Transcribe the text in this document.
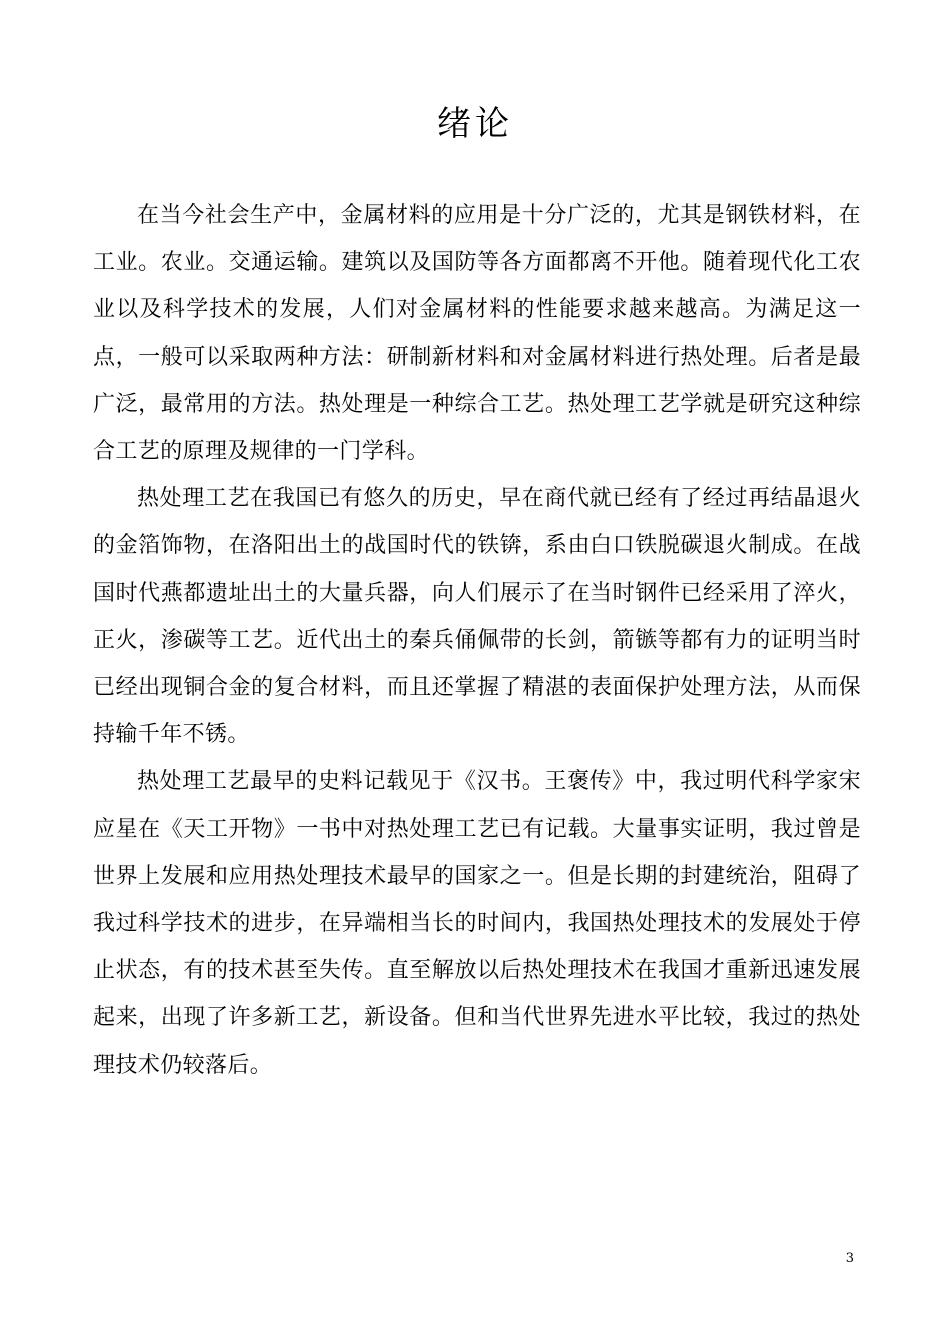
绪论

在当今社会生产中，金属材料的应用是十分广泛的，尤其是钢铁材料，在工业。农业。交通运输。建筑以及国防等各方面都离不开他。随着现代化工农业以及科学技术的发展，人们对金属材料的性能要求越来越高。为满足这一点，一般可以采取两种方法：研制新材料和对金属材料进行热处理。后者是最广泛，最常用的方法。热处理是一种综合工艺。热处理工艺学就是研究这种综合工艺的原理及规律的一门学科。

热处理工艺在我国已有悠久的历史，早在商代就已经有了经过再结晶退火的金箔饰物，在洛阳出土的战国时代的铁锛，系由白口铁脱碳退火制成。在战国时代燕都遗址出土的大量兵器，向人们展示了在当时钢件已经采用了淬火，正火，渗碳等工艺。近代出土的秦兵俑佩带的长剑，箭镞等都有力的证明当时已经出现铜合金的复合材料，而且还掌握了精湛的表面保护处理方法，从而保持输千年不锈。

热处理工艺最早的史料记载见于《汉书。王褒传》中，我过明代科学家宋应星在《天工开物》一书中对热处理工艺已有记载。大量事实证明，我过曾是世界上发展和应用热处理技术最早的国家之一。但是长期的封建统治，阻碍了我过科学技术的进步，在异端相当长的时间内，我国热处理技术的发展处于停止状态，有的技术甚至失传。直至解放以后热处理技术在我国才重新迅速发展起来，出现了许多新工艺，新设备。但和当代世界先进水平比较，我过的热处理技术仍较落后。

3
